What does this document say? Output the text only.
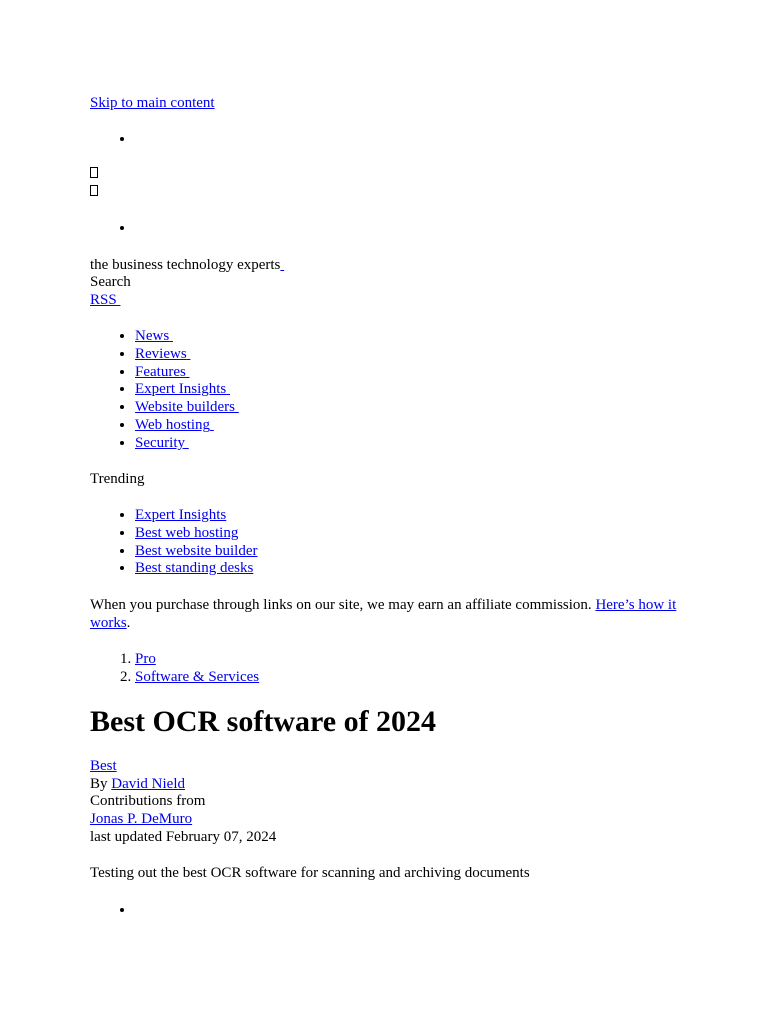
Skip to main content
the business technology experts
Search
RSS
• News
• Reviews
• Features
• Expert Insights
• Website builders
• Web hosting
• Security
Trending
• Expert Insights
• Best web hosting
• Best website builder
• Best standing desks
When you purchase through links on our site, we may earn an affiliate commission. Here’s how it works.
1. Pro
2. Software & Services
Best OCR software of 2024
Best
By David Nield
Contributions from
Jonas P. DeMuro
last updated February 07, 2024
Testing out the best OCR software for scanning and archiving documents
